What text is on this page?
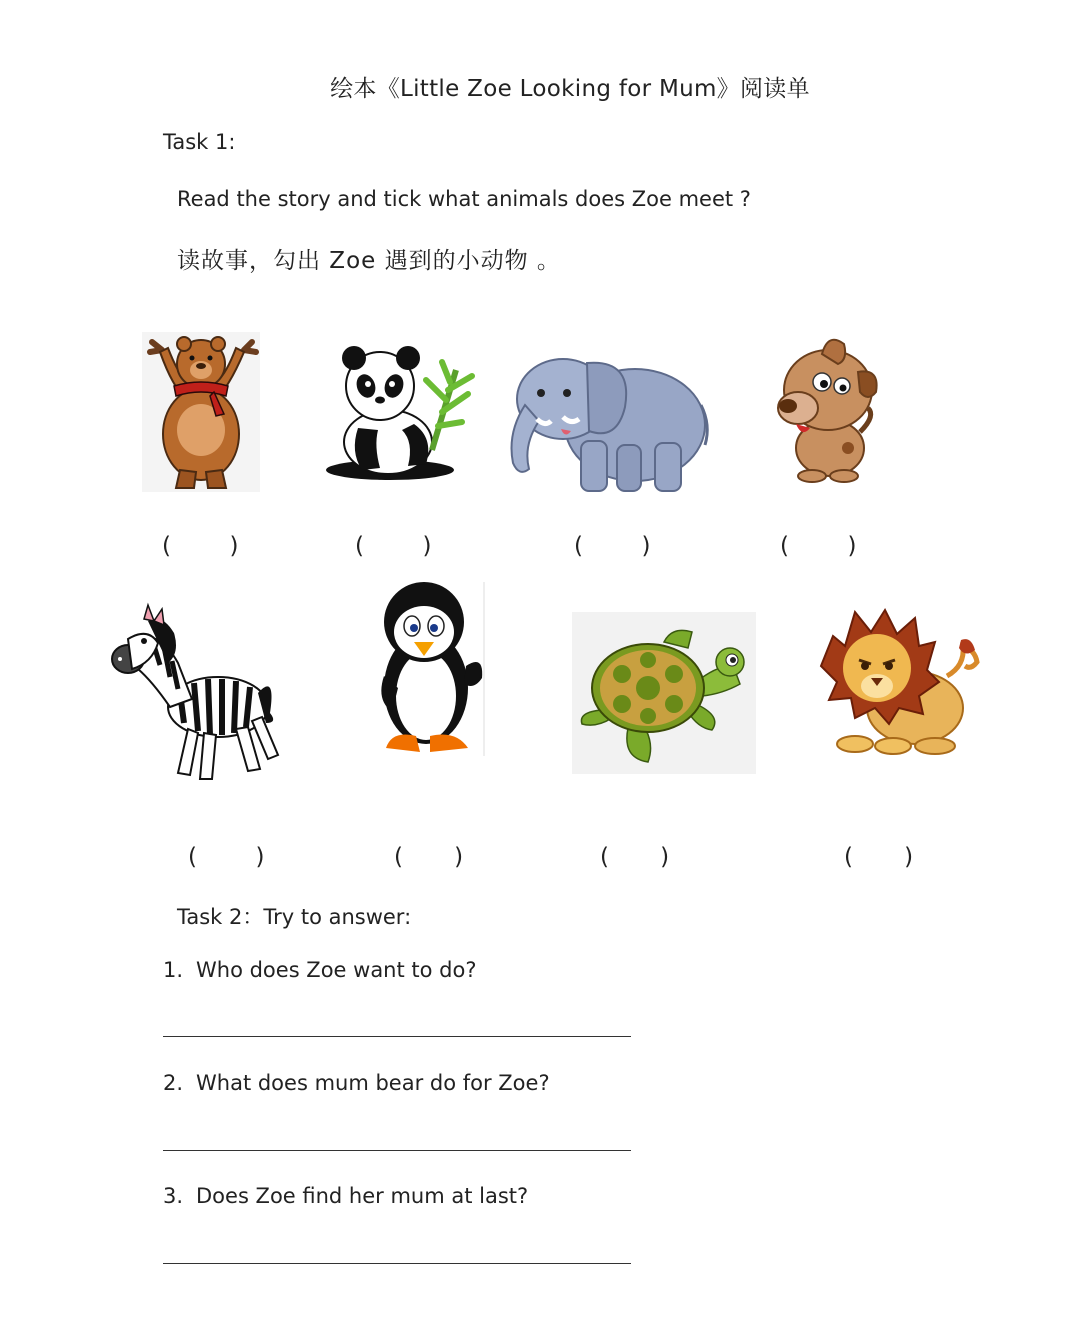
绘本《Little Zoe Looking for Mum》阅读单
Task 1:
Read the story and tick what animals does Zoe meet ?
读故事，勾出 Zoe 遇到的小动物 。
(        )	(        )	(        )	(        )
(        )	(       )	(       )	(       )
Task 2：Try to answer:
1. Who does Zoe want to do?
2. What does mum bear do for Zoe?
3. Does Zoe find her mum at last?
